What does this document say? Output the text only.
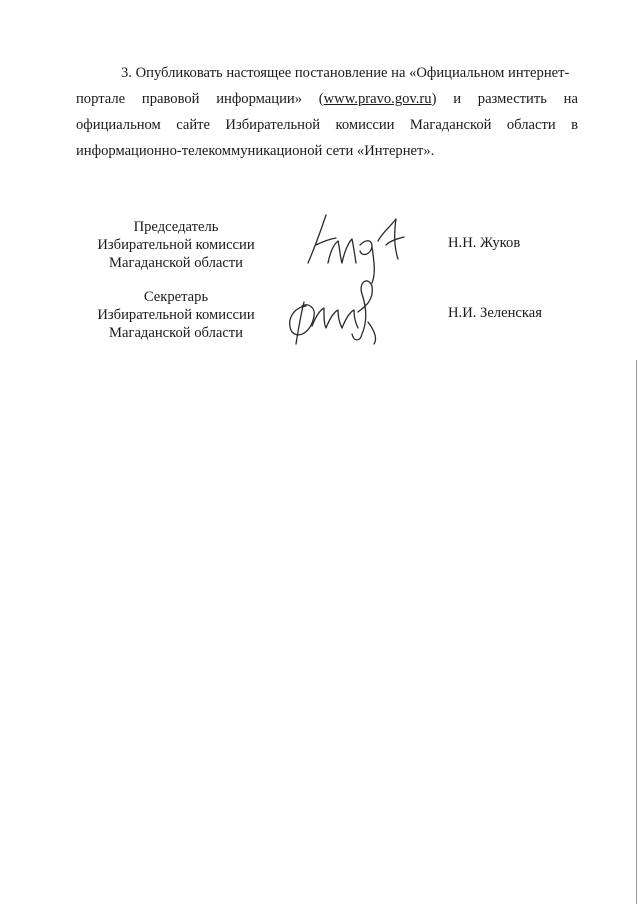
3. Опубликовать настоящее постановление на «Официальном интернет-
портале правовой информации» (www.pravo.gov.ru) и разместить на
официальном сайте Избирательной комиссии Магаданской области в
информационно-телекоммуникационой сети «Интернет».
Председатель
Избирательной комиссии
Магаданской области
Н.Н. Жуков
Секретарь
Избирательной комиссии
Магаданской области
Н.И. Зеленская
